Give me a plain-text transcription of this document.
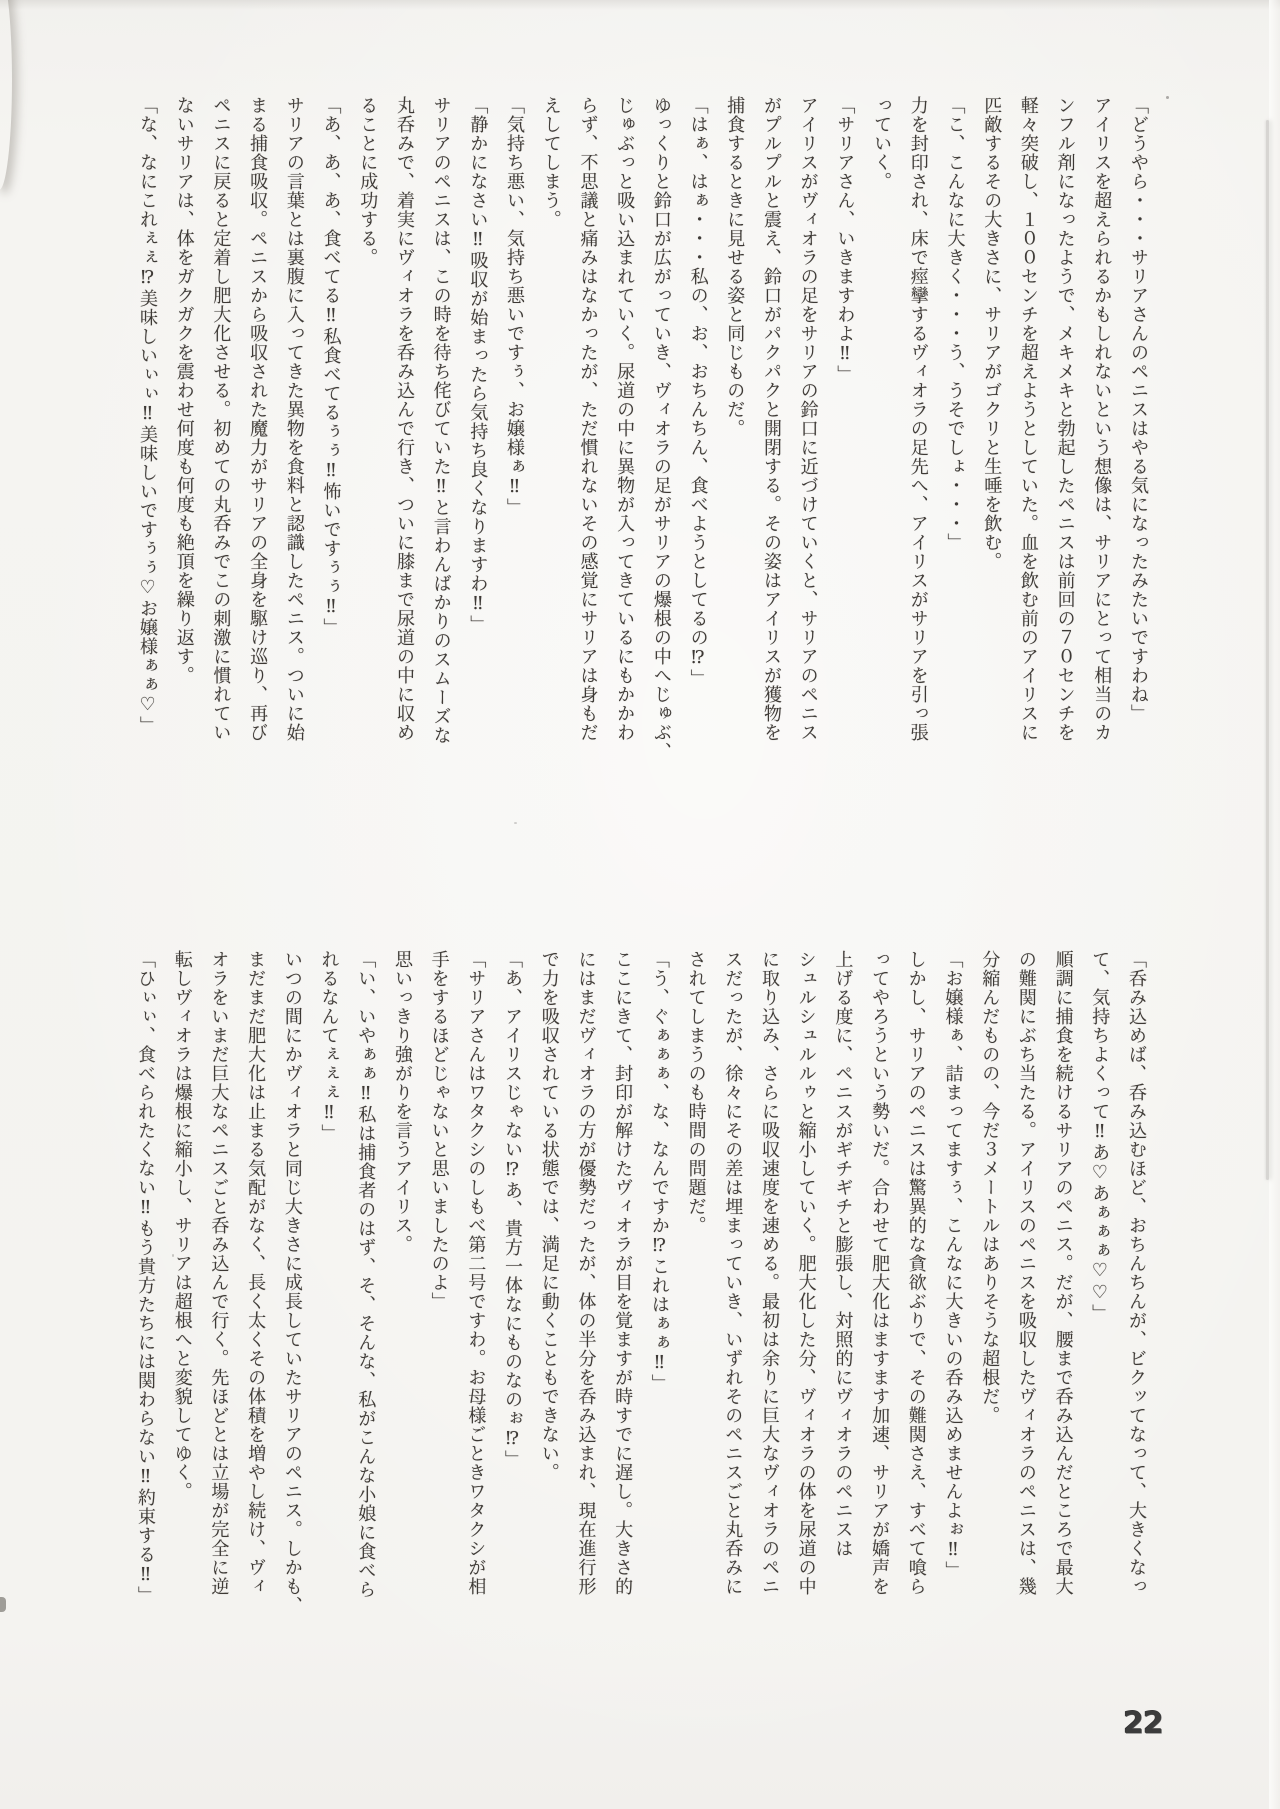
「どうやら・・・サリアさんのペニスはやる気になったみたいですわね」
アイリスを超えられるかもしれないという想像は、サリアにとって相当のカ
ンフル剤になったようで、メキメキと勃起したペニスは前回の７０センチを
軽々突破し、１００センチを超えようとしていた。血を飲む前のアイリスに
匹敵するその大きさに、サリアがゴクリと生唾を飲む。
「こ、こんなに大きく・・・う、うそでしょ・・・」
力を封印され、床で痙攣するヴィオラの足先へ、アイリスがサリアを引っ張
っていく。
「サリアさん、いきますわよ‼」
アイリスがヴィオラの足をサリアの鈴口に近づけていくと、サリアのペニス
がプルプルと震え、鈴口がパクパクと開閉する。その姿はアイリスが獲物を
捕食するときに見せる姿と同じものだ。
「はぁ、はぁ・・・私の、お、おちんちん、食べようとしてるの⁉」
ゆっくりと鈴口が広がっていき、ヴィオラの足がサリアの爆根の中へじゅぶ、
じゅぶっと吸い込まれていく。尿道の中に異物が入ってきているにもかかわ
らず、不思議と痛みはなかったが、ただ慣れないその感覚にサリアは身もだ
えしてしまう。
「気持ち悪い、気持ち悪いですぅ、お嬢様ぁ‼」
「静かになさい‼吸収が始まったら気持ち良くなりますわ‼」
サリアのペニスは、この時を待ち侘びていた‼と言わんばかりのスムーズな
丸呑みで、着実にヴィオラを呑み込んで行き、ついに膝まで尿道の中に収め
ることに成功する。
「あ、あ、あ、食べてる‼私食べてるぅぅ‼怖いですぅぅ‼」
サリアの言葉とは裏腹に入ってきた異物を食料と認識したペニス。ついに始
まる捕食吸収。ペニスから吸収された魔力がサリアの全身を駆け巡り、再び
ペニスに戻ると定着し肥大化させる。初めての丸呑みでこの刺激に慣れてい
ないサリアは、体をガクガクを震わせ何度も何度も絶頂を繰り返す。
「な、なにこれぇぇ⁉美味しいぃぃ‼美味しいですぅぅ♡お嬢様ぁぁ♡」
「呑み込めば、呑み込むほど、おちんちんが、ビクッてなって、大きくなっ
て、気持ちよくって‼あ♡あぁぁぁ♡♡」
順調に捕食を続けるサリアのペニス。だが、腰まで呑み込んだところで最大
の難関にぶち当たる。アイリスのペニスを吸収したヴィオラのペニスは、幾
分縮んだものの、今だ３メートルはありそうな超根だ。
「お嬢様ぁ、詰まってますぅ、こんなに大きいの呑み込めませんよぉ‼」
しかし、サリアのペニスは驚異的な貪欲ぶりで、その難関さえ、すべて喰ら
ってやろうという勢いだ。合わせて肥大化はますます加速、サリアが嬌声を
上げる度に、ペニスがギチギチと膨張し、対照的にヴィオラのペニスは
シュルシュルルゥと縮小していく。肥大化した分、ヴィオラの体を尿道の中
に取り込み、さらに吸収速度を速める。最初は余りに巨大なヴィオラのペニ
スだったが、徐々にその差は埋まっていき、いずれそのペニスごと丸呑みに
されてしまうのも時間の問題だ。
「う、ぐぁぁぁ、な、なんですか⁉これはぁぁ‼」
ここにきて、封印が解けたヴィオラが目を覚ますが時すでに遅し。大きさ的
にはまだヴィオラの方が優勢だったが、体の半分を呑み込まれ、現在進行形
で力を吸収されている状態では、満足に動くこともできない。
「あ、アイリスじゃない⁉あ、貴方一体なにものなのぉ⁉」
「サリアさんはワタクシのしもべ第二号ですわ。お母様ごときワタクシが相
手をするほどじゃないと思いましたのよ」
思いっきり強がりを言うアイリス。
「い、いやぁぁ‼私は捕食者のはず、そ、そんな、私がこんな小娘に食べら
れるなんてぇぇぇ‼」
いつの間にかヴィオラと同じ大きさに成長していたサリアのペニス。しかも、
まだまだ肥大化は止まる気配がなく、長く太くその体積を増やし続け、ヴィ
オラをいまだ巨大なペニスごと呑み込んで行く。先ほどとは立場が完全に逆
転しヴィオラは爆根に縮小し、サリアは超根へと変貌してゆく。
「ひぃぃ、食べられたくない‼もう貴方たちには関わらない‼約束する‼」
22
